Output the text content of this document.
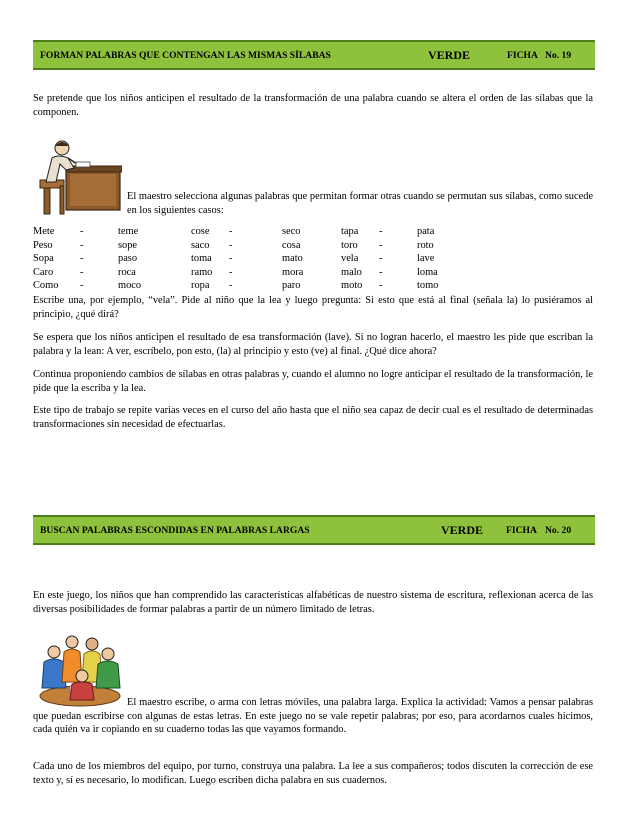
FORMAN PALABRAS QUE CONTENGAN LAS MISMAS SÍLABAS	VERDE	FICHA No. 19

Se pretende que los niños anticipen el resultado de la transformación de una palabra cuando se altera el orden de las sílabas que la componen.

El maestro selecciona algunas palabras que permitan formar otras cuando se permutan sus sílabas, como sucede en los siguientes casos:

Mete	-	teme	cose	-	seco	tapa	-	pata
Peso	-	sope	saco	-	cosa	toro	-	roto
Sopa	-	paso	toma	-	mato	vela	-	lave
Caro	-	roca	ramo	-	mora	malo	-	loma
Como	-	moco	ropa	-	paro	moto	-	tomo

Escribe una, por ejemplo, “vela”. Pide al niño que la lea y luego pregunta: Si esto que está al final (señala la) lo pusiéramos al principio, ¿qué dirá?

Se espera que los niños anticipen el resultado de esa transformación (lave). Si no logran hacerlo, el maestro les pide que escriban la palabra y la lean: A ver, escríbelo, pon esto, (la) al principio y esto (ve) al final. ¿Qué dice ahora?

Continua proponiendo cambios de sílabas en otras palabras y, cuando el alumno no logre anticipar el resultado de la transformación, le pide que la escriba y la lea.

Este tipo de trabajo se repite varias veces en el curso del año hasta que el niño sea capaz de decir cual es el resultado de determinadas transformaciones sin necesidad de efectuarlas.

BUSCAN PALABRAS ESCONDIDAS EN PALABRAS LARGAS	VERDE FICHA No. 20

En este juego, los niños que han comprendido las características alfabéticas de nuestro sistema de escritura, reflexionan acerca de las diversas posibilidades de formar palabras a partir de un número limitado de letras.

El maestro escribe, o arma con letras móviles, una palabra larga. Explica la actividad: Vamos a pensar palabras que puedan escribirse con algunas de estas letras. En este juego no se vale repetir palabras; por eso, para acordarnos cuales hicimos, cada quién va ir copiando en su cuaderno todas las que vayamos formando.

Cada uno de los miembros del equipo, por turno, construya una palabra. La lee a sus compañeros; todos discuten la corrección de ese texto y, sí es necesario, lo modifican. Luego escriben dicha palabra en sus cuadernos.
